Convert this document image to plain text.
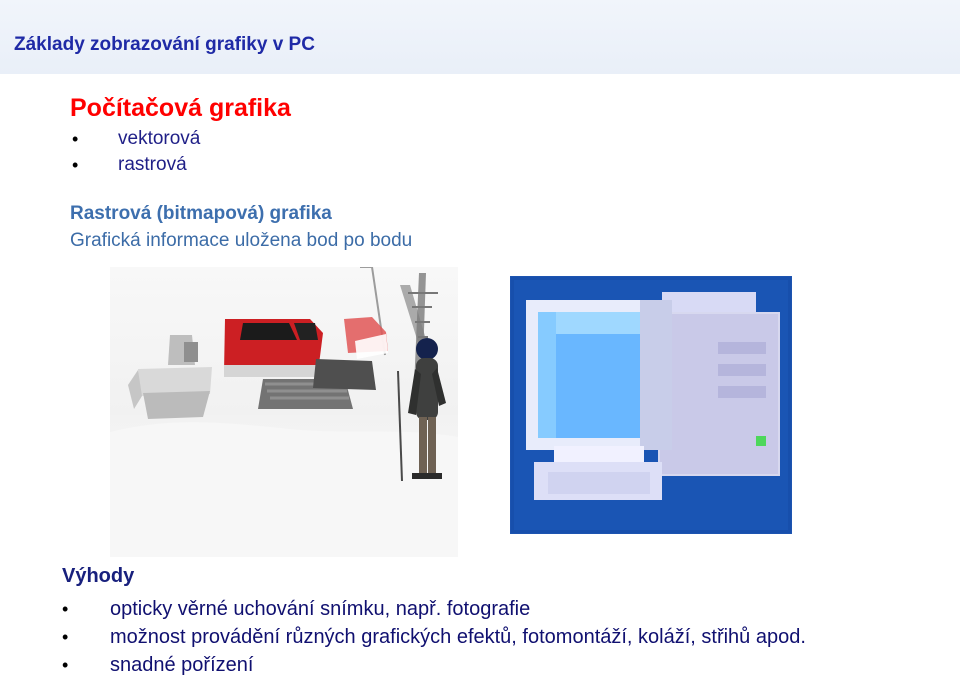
Základy zobrazování grafiky v PC
Počítačová grafika
• vektorová
• rastrová
Rastrová (bitmapová) grafika
Grafická informace uložena bod po bodu
Výhody
• opticky věrné uchování snímku, např. fotografie
• možnost provádění různých grafických efektů, fotomontáží, koláží, střihů apod.
• snadné pořízení
